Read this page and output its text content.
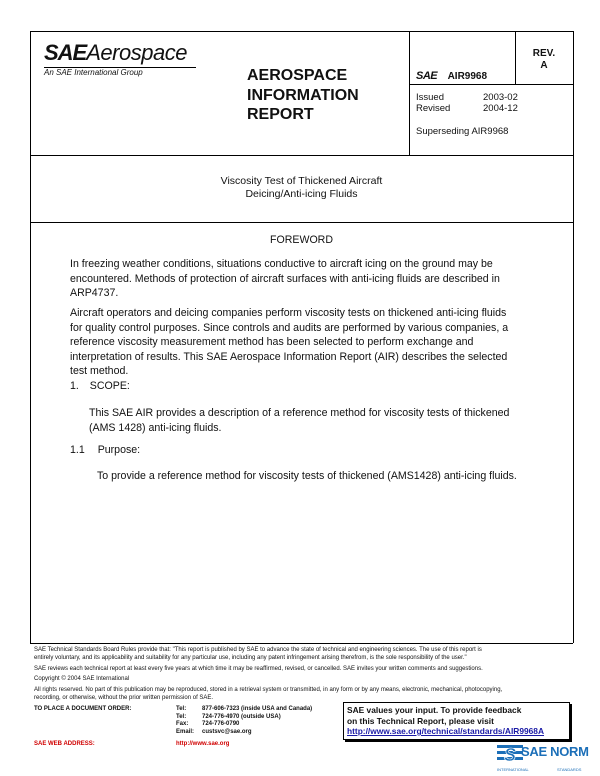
SAEAerospace
An SAE International Group	AEROSPACE
INFORMATION
REPORT
SAE AIR9968
REV.
A
Issued	2003-02
Revised	2004-12
Superseding AIR9968
Viscosity Test of Thickened Aircraft
Deicing/Anti-icing Fluids
FOREWORD
In freezing weather conditions, situations conductive to aircraft icing on the ground may be
encountered. Methods of protection of aircraft surfaces with anti-icing fluids are described in
ARP4737.
Aircraft operators and deicing companies perform viscosity tests on thickened anti-icing fluids
for quality control purposes. Since controls and audits are performed by various companies, a
reference viscosity measurement method has been selected to perform exchange and
interpretation of results. This SAE Aerospace Information Report (AIR) describes the selected
test method.
1. SCOPE:
This SAE AIR provides a description of a reference method for viscosity tests of thickened
(AMS 1428) anti-icing fluids.
1.1 Purpose:
To provide a reference method for viscosity tests of thickened (AMS1428) anti-icing fluids.
SAE Technical Standards Board Rules provide that: "This report is published by SAE to advance the state of technical and engineering sciences. The use of this report is
entirely voluntary, and its applicability and suitability for any particular use, including any patent infringement arising therefrom, is the sole responsibility of the user."
SAE reviews each technical report at least every five years at which time it may be reaffirmed, revised, or cancelled. SAE invites your written comments and suggestions.
Copyright © 2004 SAE International
All rights reserved. No part of this publication may be reproduced, stored in a retrieval system or transmitted, in any form or by any means, electronic, mechanical, photocopying,
recording, or otherwise, without the prior written permission of SAE.
TO PLACE A DOCUMENT ORDER:	Tel:	877-606-7323 (inside USA and Canada)
Tel:	724-776-4970 (outside USA)
Fax: 724-776-0790
Email: custsvc@sae.org
SAE WEB ADDRESS:	http://www.sae.org
SAE values your input. To provide feedback
on this Technical Report, please visit
http://www.sae.org/technical/standards/AIR9968A
S SAE NORM
INTERNATIONAL	STANDARDS
